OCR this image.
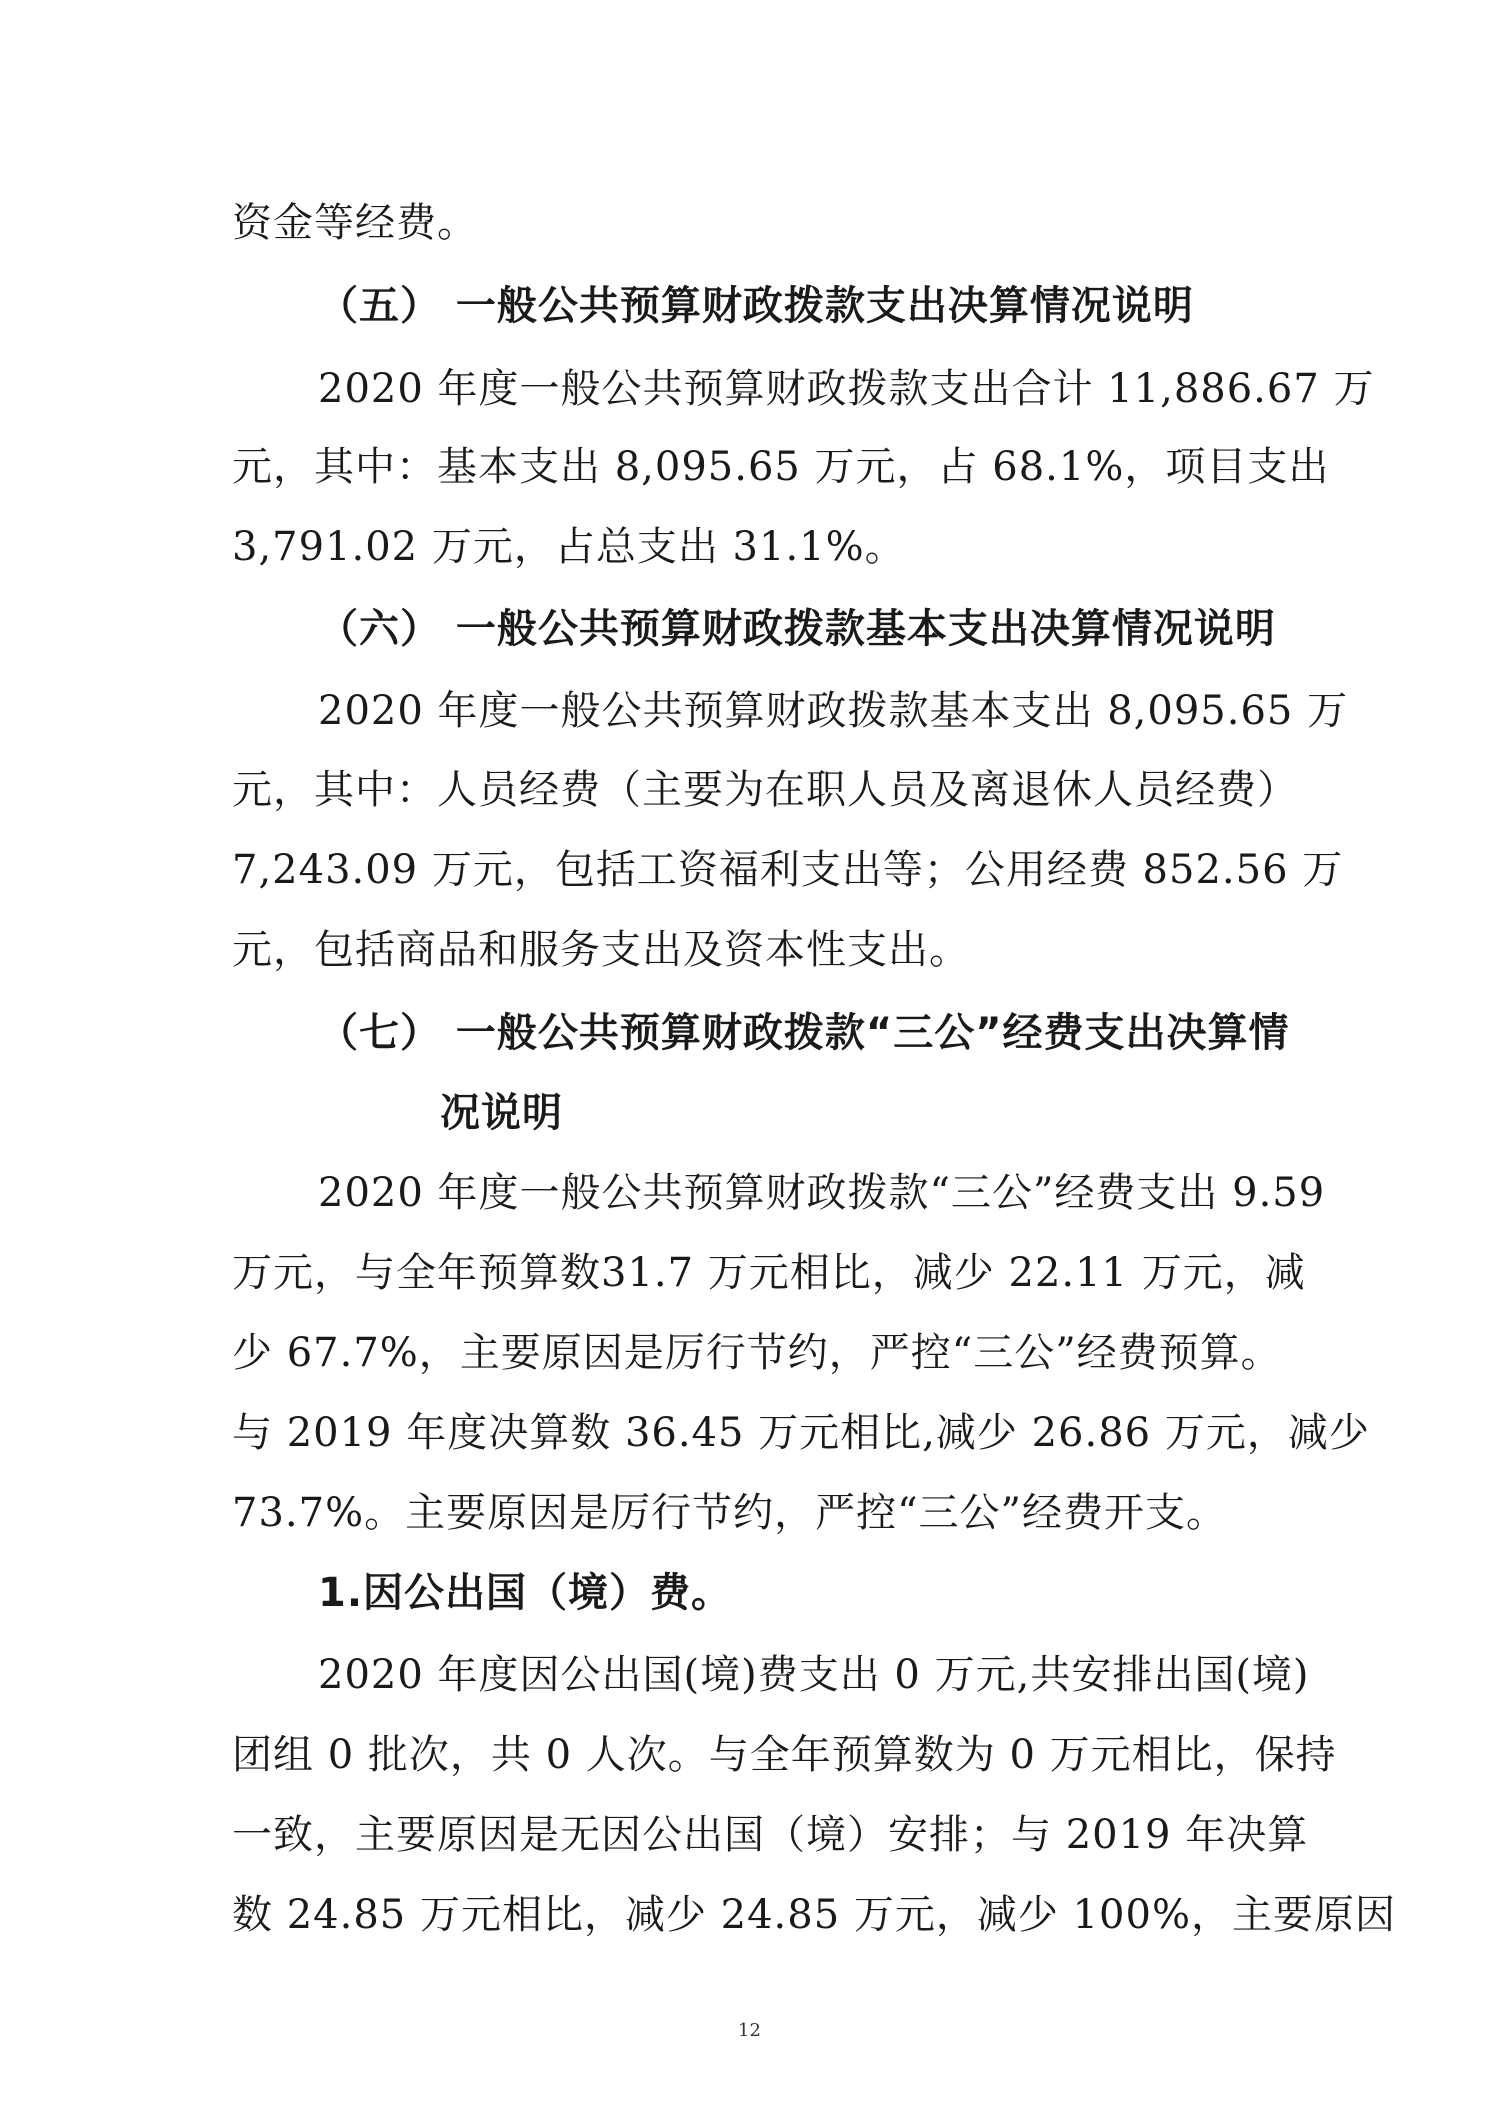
资金等经费。
（五） 一般公共预算财政拨款支出决算情况说明
2020 年度一般公共预算财政拨款支出合计 11,886.67 万
元，其中：基本支出 8,095.65 万元，占 68.1%，项目支出
3,791.02 万元，占总支出 31.1%。
（六） 一般公共预算财政拨款基本支出决算情况说明
2020 年度一般公共预算财政拨款基本支出 8,095.65 万
元，其中：人员经费（主要为在职人员及离退休人员经费）
7,243.09 万元，包括工资福利支出等；公用经费 852.56 万
元，包括商品和服务支出及资本性支出。
（七） 一般公共预算财政拨款“三公”经费支出决算情
况说明
2020 年度一般公共预算财政拨款“三公”经费支出 9.59
万元，与全年预算数31.7 万元相比，减少 22.11 万元，减
少 67.7%，主要原因是厉行节约，严控“三公”经费预算。
与 2019 年度决算数 36.45 万元相比,减少 26.86 万元，减少
73.7%。主要原因是厉行节约，严控“三公”经费开支。
1.因公出国（境）费。
2020 年度因公出国(境)费支出 0 万元,共安排出国(境)
团组 0 批次，共 0 人次。与全年预算数为 0 万元相比，保持
一致，主要原因是无因公出国（境）安排；与 2019 年决算
数 24.85 万元相比，减少 24.85 万元，减少 100%，主要原因
12
